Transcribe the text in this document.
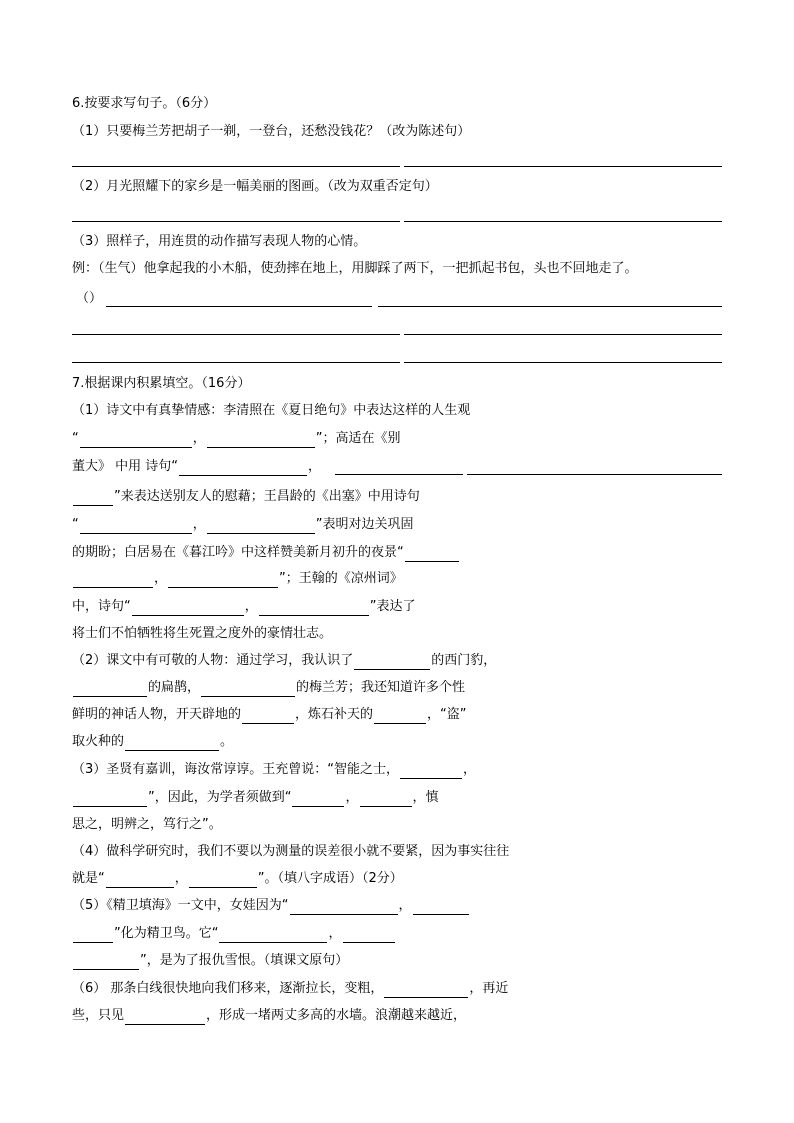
6.按要求写句子。（6分）
（1）只要梅兰芳把胡子一剃，一登台，还愁没钱花？（改为陈述句）
（2）月光照耀下的家乡是一幅美丽的图画。（改为双重否定句）
（3）照样子，用连贯的动作描写表现人物的心情。
例：（生气）他拿起我的小木船，使劲摔在地上，用脚踩了两下，一把抓起书包，头也不回地走了。
（）
7.根据课内积累填空。（16分）
（1）诗文中有真挚情感：李清照在《夏日绝句》中表达这样的人生观
“	，	”；高适在《别
董大》 中用 诗句“	，
”来表达送别友人的慰藉；王昌龄的《出塞》中用诗句
“	，	”表明对边关巩固
的期盼；白居易在《暮江吟》中这样赞美新月初升的夜景“
，	”；王翰的《凉州词》
中，诗句“	，	”表达了
将士们不怕牺牲将生死置之度外的豪情壮志。
（2）课文中有可敬的人物：通过学习，我认识了	的西门豹，
的扁鹊，	的梅兰芳；我还知道许多个性
鲜明的神话人物，开天辟地的	，炼石补天的	，“盗”
取火种的	。
（3）圣贤有嘉训，诲汝常谆谆。王充曾说：“智能之士，	，
”，因此，为学者须做到“	，	，慎
思之，明辨之，笃行之”。
（4）做科学研究时，我们不要以为测量的误差很小就不要紧，因为事实往往
就是“	，	”。（填八字成语）（2分）
（5）《精卫填海》一文中，女娃因为“	，
”化为精卫鸟。它“	，
”，是为了报仇雪恨。（填课文原句）
（6） 那条白线很快地向我们移来，逐渐拉长，变粗，	，再近
些，只见	，形成一堵两丈多高的水墙。浪潮越来越近，
